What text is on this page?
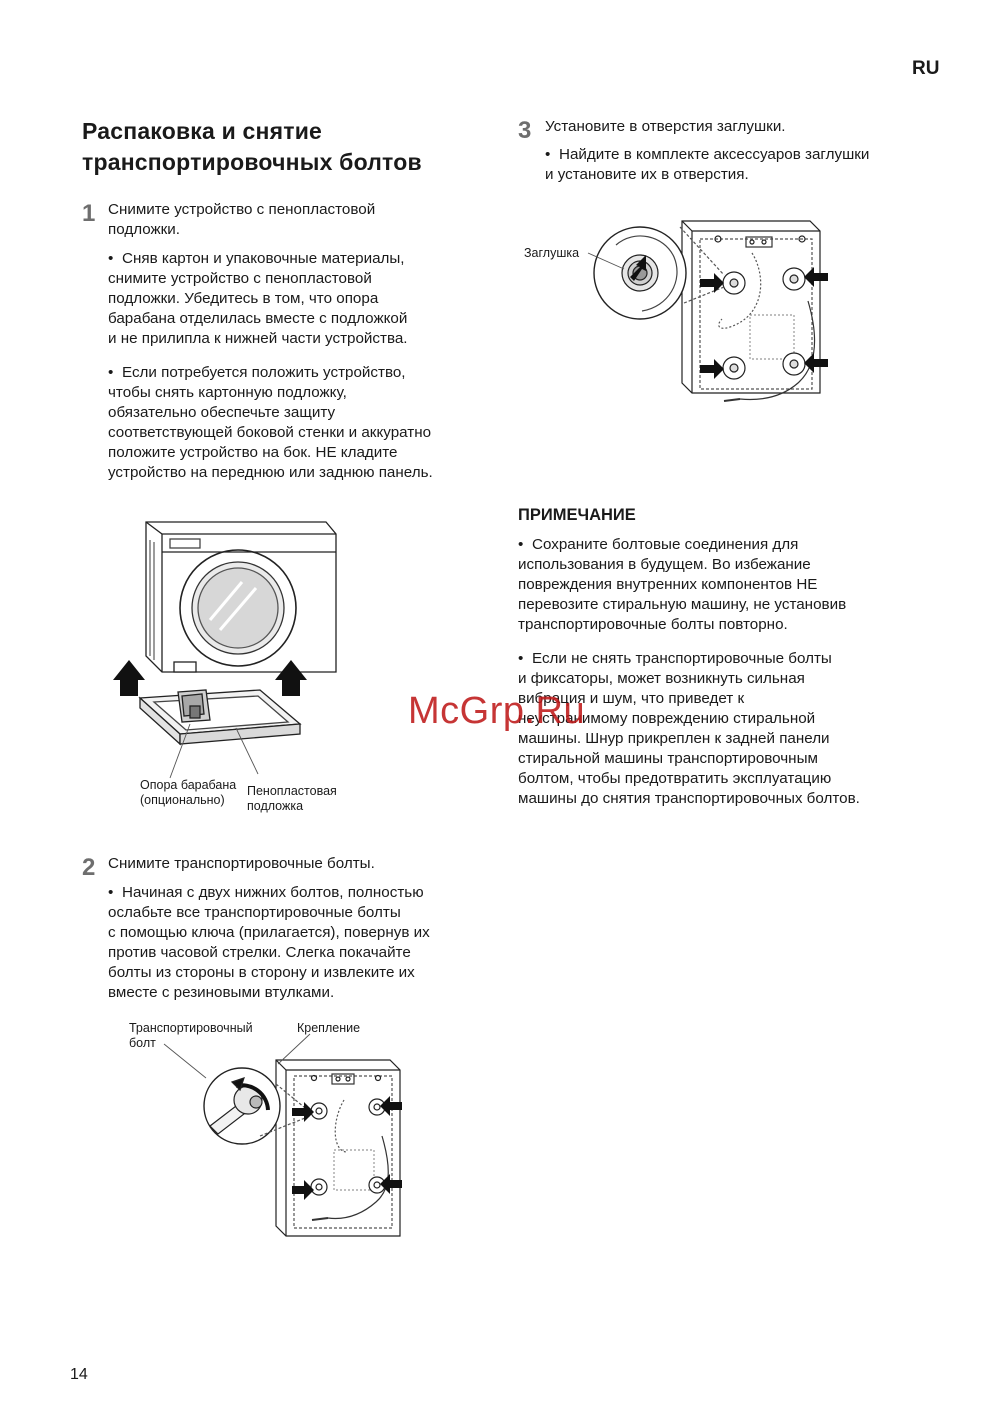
RU
Распаковка и снятие
транспортировочных болтов
1 Снимите устройство с пенопластовой
подложки.
• Сняв картон и упаковочные материалы,
снимите устройство с пенопластовой
подложки. Убедитесь в том, что опора
барабана отделилась вместе с подложкой
и не прилипла к нижней части устройства.
• Если потребуется положить устройство,
чтобы снять картонную подложку,
обязательно обеспечьте защиту
соответствующей боковой стенки и аккуратно
положите устройство на бок. НЕ кладите
устройство на переднюю или заднюю панель.
Опора барабана
(опционально)
Пенопластовая
подложка
2 Снимите транспортировочные болты.
• Начиная с двух нижних болтов, полностью
ослабьте все транспортировочные болты
с помощью ключа (прилагается), повернув их
против часовой стрелки. Слегка покачайте
болты из стороны в сторону и извлеките их
вместе с резиновыми втулками.
Транспортировочный
болт
Крепление
3 Установите в отверстия заглушки.
• Найдите в комплекте аксессуаров заглушки
и установите их в отверстия.
Заглушка
ПРИМЕЧАНИЕ
• Сохраните болтовые соединения для
использования в будущем. Во избежание
повреждения внутренних компонентов НЕ
перевозите стиральную машину, не установив
транспортировочные болты повторно.
• Если не снять транспортировочные болты
и фиксаторы, может возникнуть сильная
вибрация и шум, что приведет к
неустранимому повреждению стиральной
машины. Шнур прикреплен к задней панели
стиральной машины транспортировочным
болтом, чтобы предотвратить эксплуатацию
машины до снятия транспортировочных болтов.
McGrp.Ru
14
